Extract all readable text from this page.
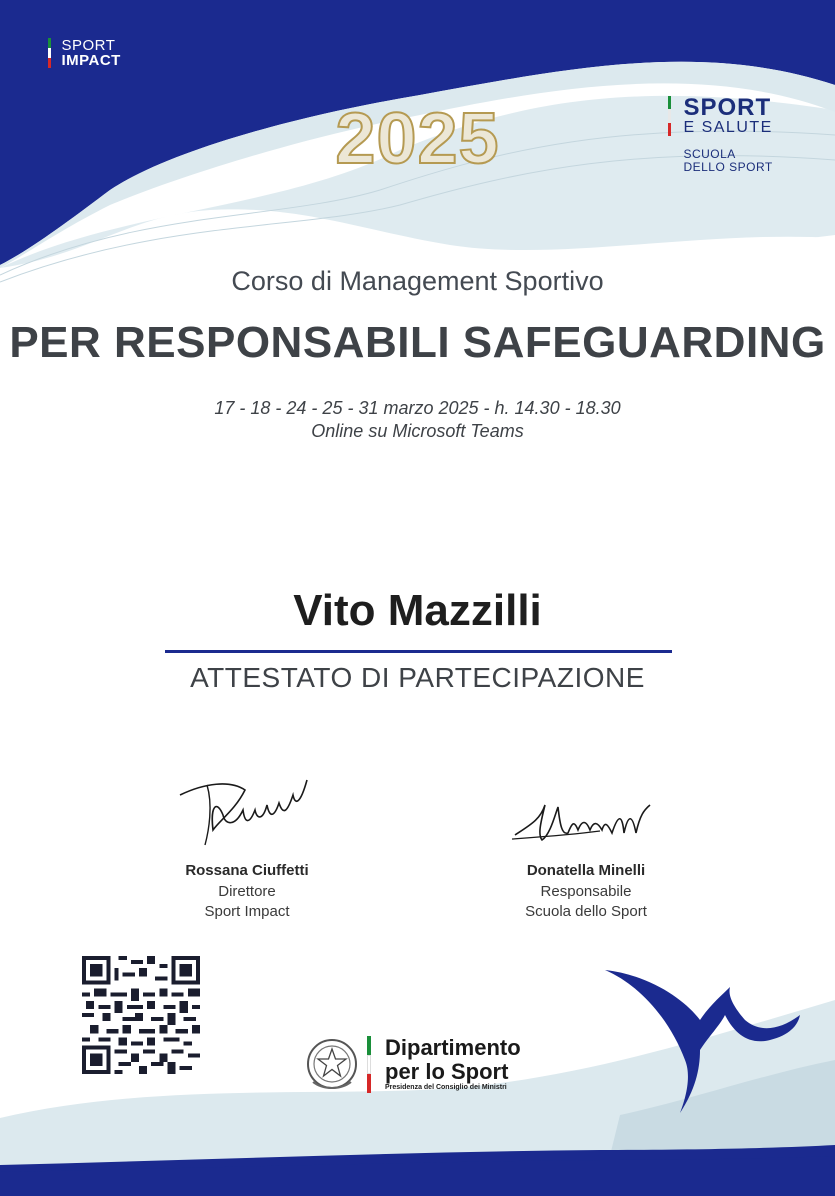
SPORT
IMPACT

SPORT
E SALUTE
SCUOLA
DELLO SPORT
2025
Corso di Management Sportivo
PER RESPONSABILI SAFEGUARDING
17 - 18 - 24 - 25 - 31 marzo 2025 - h. 14.30 - 18.30
Online su Microsoft Teams
Vito Mazzilli
ATTESTATO DI PARTECIPAZIONE
Rossana Ciuffetti
Direttore
Sport Impact
Donatella Minelli
Responsabile
Scuola dello Sport
Dipartimento
per lo Sport
Presidenza del Consiglio dei Ministri
